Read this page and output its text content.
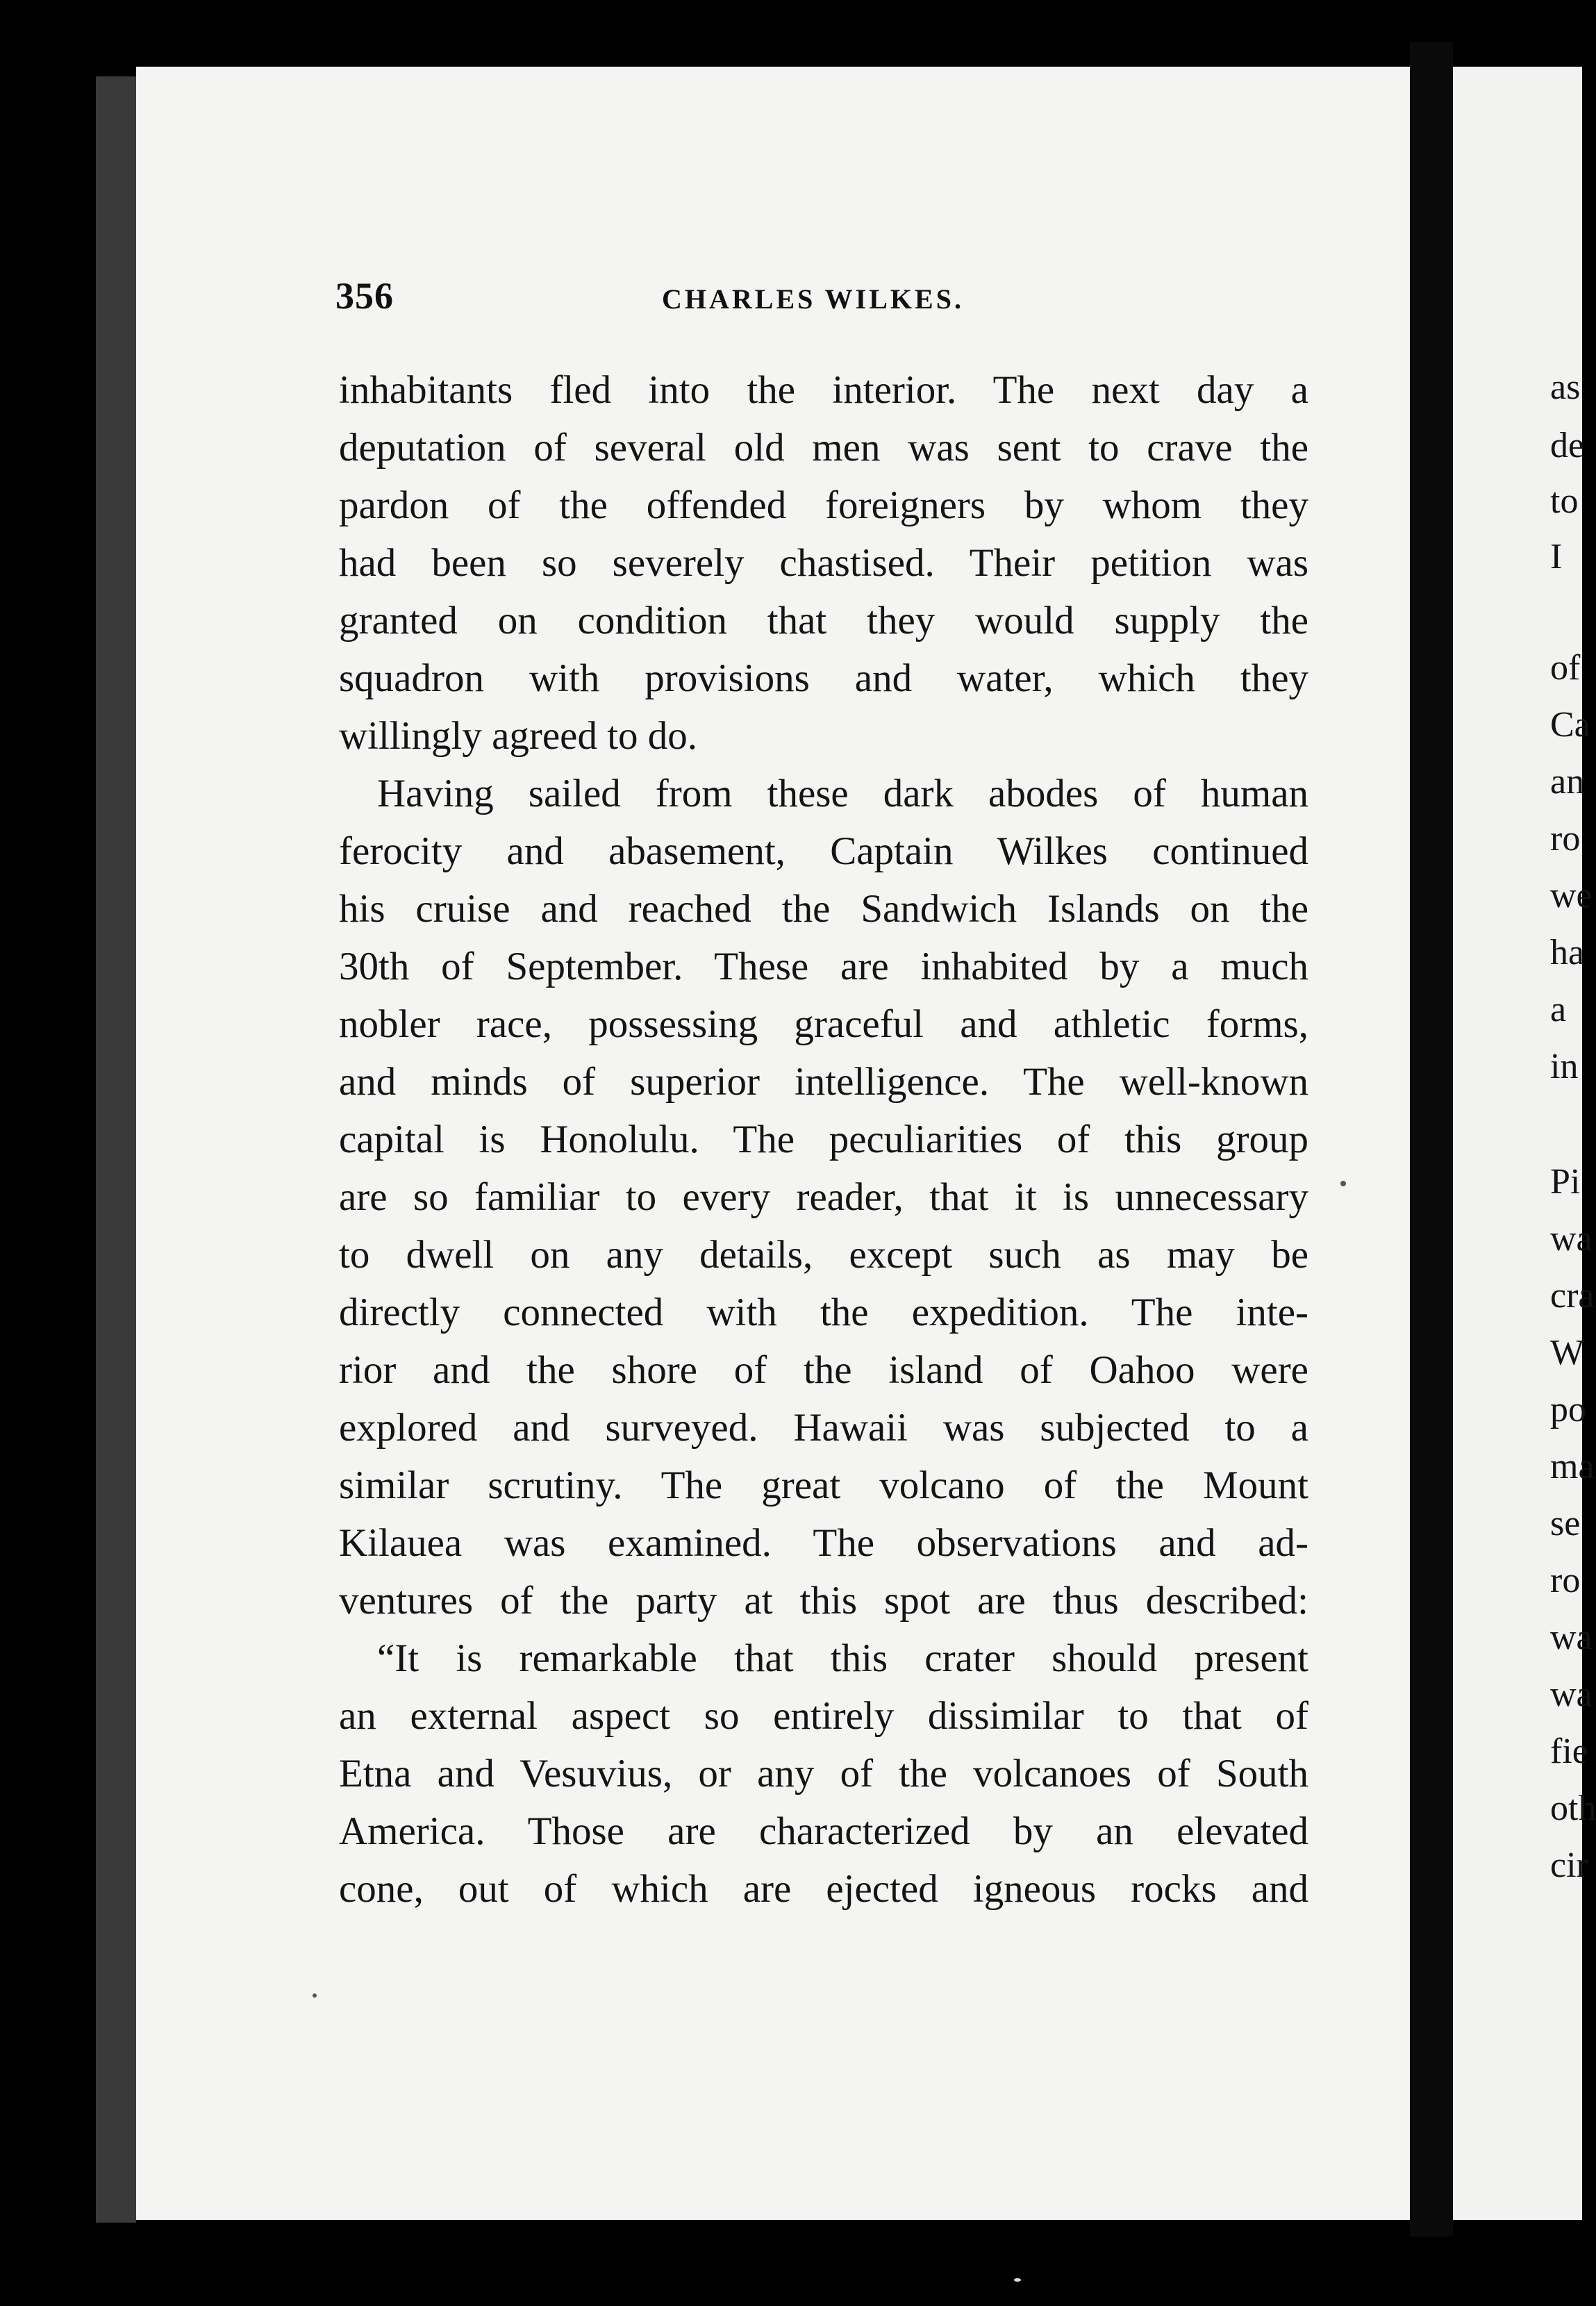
356	CHARLES WILKES.
inhabitants fled into the interior. The next day a
deputation of several old men was sent to crave the
pardon of the offended foreigners by whom they
had been so severely chastised. Their petition was
granted on condition that they would supply the
squadron with provisions and water, which they
willingly agreed to do.
Having sailed from these dark abodes of human
ferocity and abasement, Captain Wilkes continued
his cruise and reached the Sandwich Islands on the
30th of September. These are inhabited by a much
nobler race, possessing graceful and athletic forms,
and minds of superior intelligence. The well-known
capital is Honolulu. The peculiarities of this group
are so familiar to every reader, that it is unnecessary
to dwell on any details, except such as may be
directly connected with the expedition. The inte-
rior and the shore of the island of Oahoo were
explored and surveyed. Hawaii was subjected to a
similar scrutiny. The great volcano of the Mount
Kilauea was examined. The observations and ad-
ventures of the party at this spot are thus described:
“It is remarkable that this crater should present
an external aspect so entirely dissimilar to that of
Etna and Vesuvius, or any of the volcanoes of South
America. Those are characterized by an elevated
cone, out of which are ejected igneous rocks and
as
de
to
I
of
Ca
an
ro
we
ha
a
in
Pi
wa
cra
W
po
ma
se
ro
wa
wa
fie
oth
cir
